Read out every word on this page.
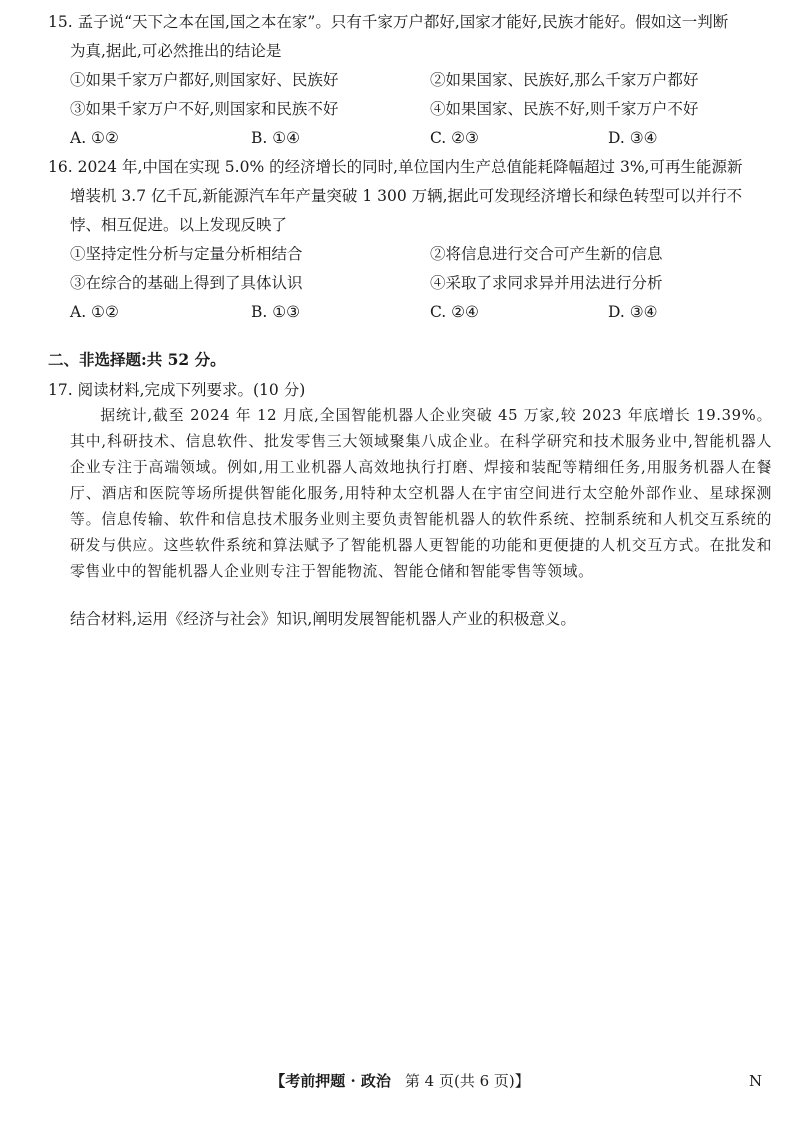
15. 孟子说“天下之本在国,国之本在家”。只有千家万户都好,国家才能好,民族才能好。假如这一判断
为真,据此,可必然推出的结论是
①如果千家万户都好,则国家好、民族好	②如果国家、民族好,那么千家万户都好
③如果千家万户不好,则国家和民族不好	④如果国家、民族不好,则千家万户不好
A. ①②	B. ①④	C. ②③	D. ③④
16. 2024 年,中国在实现 5.0% 的经济增长的同时,单位国内生产总值能耗降幅超过 3%,可再生能源新
增装机 3.7 亿千瓦,新能源汽车年产量突破 1 300 万辆,据此可发现经济增长和绿色转型可以并行不
悖、相互促进。以上发现反映了
①坚持定性分析与定量分析相结合	②将信息进行交合可产生新的信息
③在综合的基础上得到了具体认识	④采取了求同求异并用法进行分析
A. ①②	B. ①③	C. ②④	D. ③④
二、非选择题:共 52 分。
17. 阅读材料,完成下列要求。(10 分)
据统计,截至 2024 年 12 月底,全国智能机器人企业突破 45 万家,较 2023 年底增长 19.39%。其中,科研技术、信息软件、批发零售三大领域聚集八成企业。在科学研究和技术服务业中,智能机器人企业专注于高端领域。例如,用工业机器人高效地执行打磨、焊接和装配等精细任务,用服务机器人在餐厅、酒店和医院等场所提供智能化服务,用特种太空机器人在宇宙空间进行太空舱外部作业、星球探测等。信息传输、软件和信息技术服务业则主要负责智能机器人的软件系统、控制系统和人机交互系统的研发与供应。这些软件系统和算法赋予了智能机器人更智能的功能和更便捷的人机交互方式。在批发和零售业中的智能机器人企业则专注于智能物流、智能仓储和智能零售等领域。
结合材料,运用《经济与社会》知识,阐明发展智能机器人产业的积极意义。
【考前押题 · 政治 第 4 页(共 6 页)】	N
